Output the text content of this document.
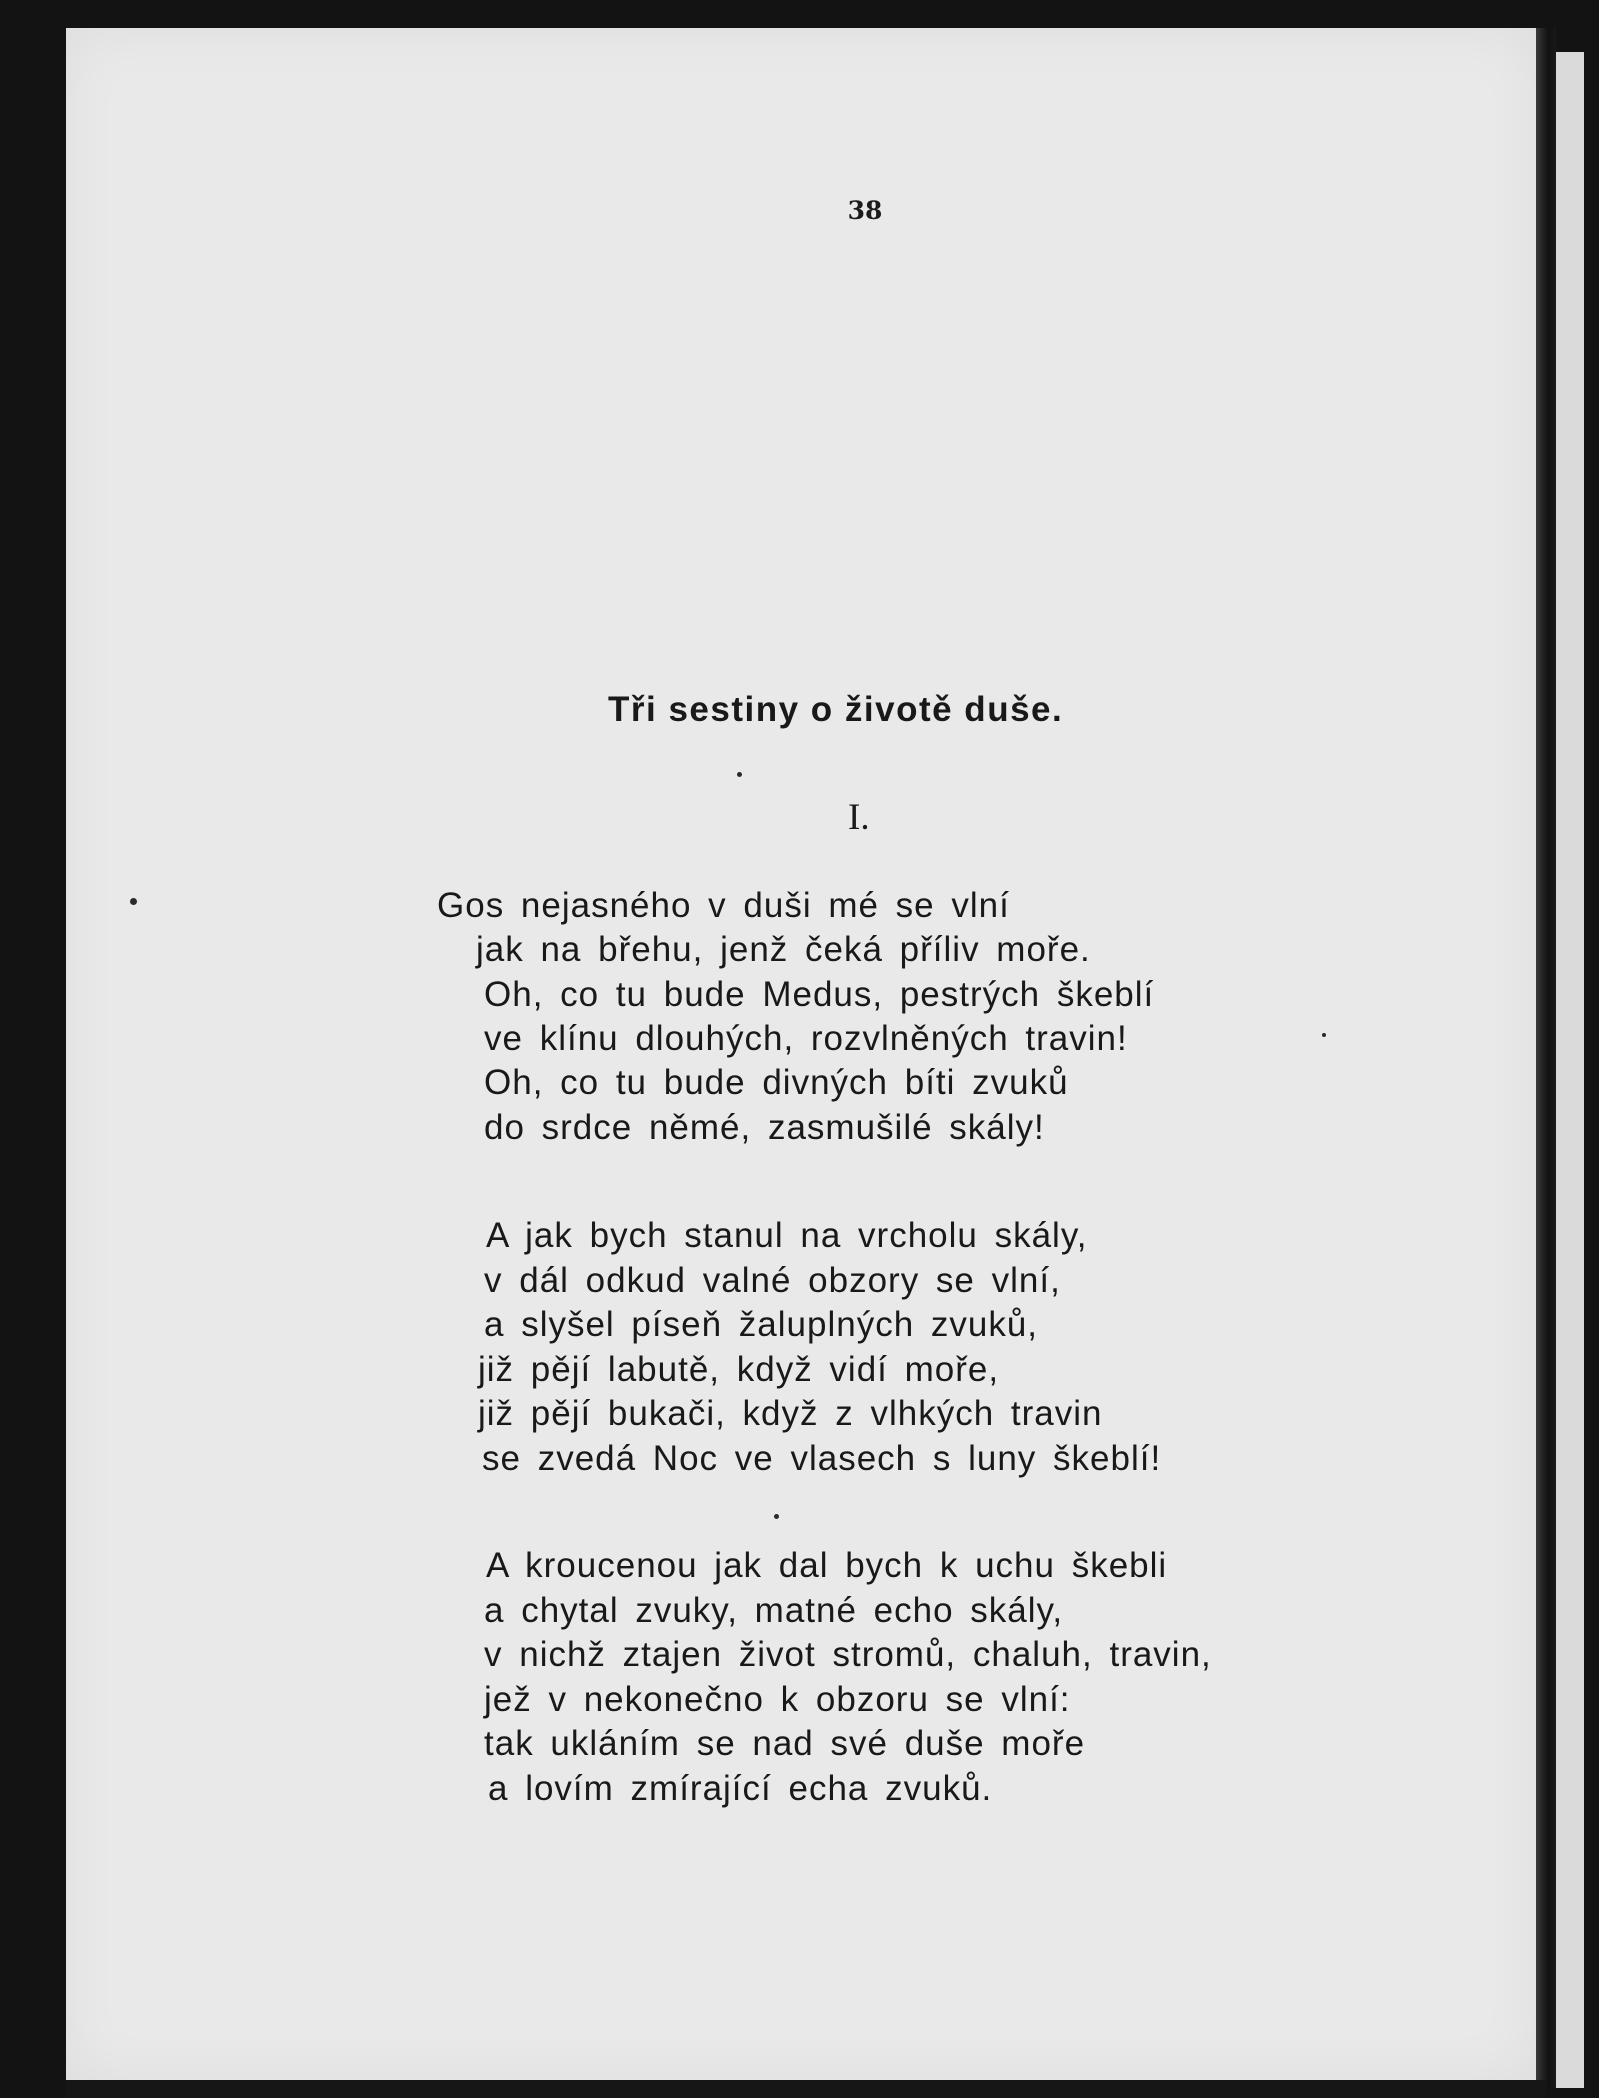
38
Tři sestiny o životě duše.
I.
Gos nejasného v duši mé se vlní
jak na břehu, jenž čeká příliv moře.
Oh, co tu bude Medus, pestrých škeblí
ve klínu dlouhých, rozvlněných travin!
Oh, co tu bude divných bíti zvuků
do srdce němé, zasmušilé skály!
A jak bych stanul na vrcholu skály,
v dál odkud valné obzory se vlní,
a slyšel píseň žaluplných zvuků,
již pějí labutě, když vidí moře,
již pějí bukači, když z vlhkých travin
se zvedá Noc ve vlasech s luny škeblí!
A kroucenou jak dal bych k uchu škebli
a chytal zvuky, matné echo skály,
v nichž ztajen život stromů, chaluh, travin,
jež v nekonečno k obzoru se vlní:
tak ukláním se nad své duše moře
a lovím zmírající echa zvuků.
